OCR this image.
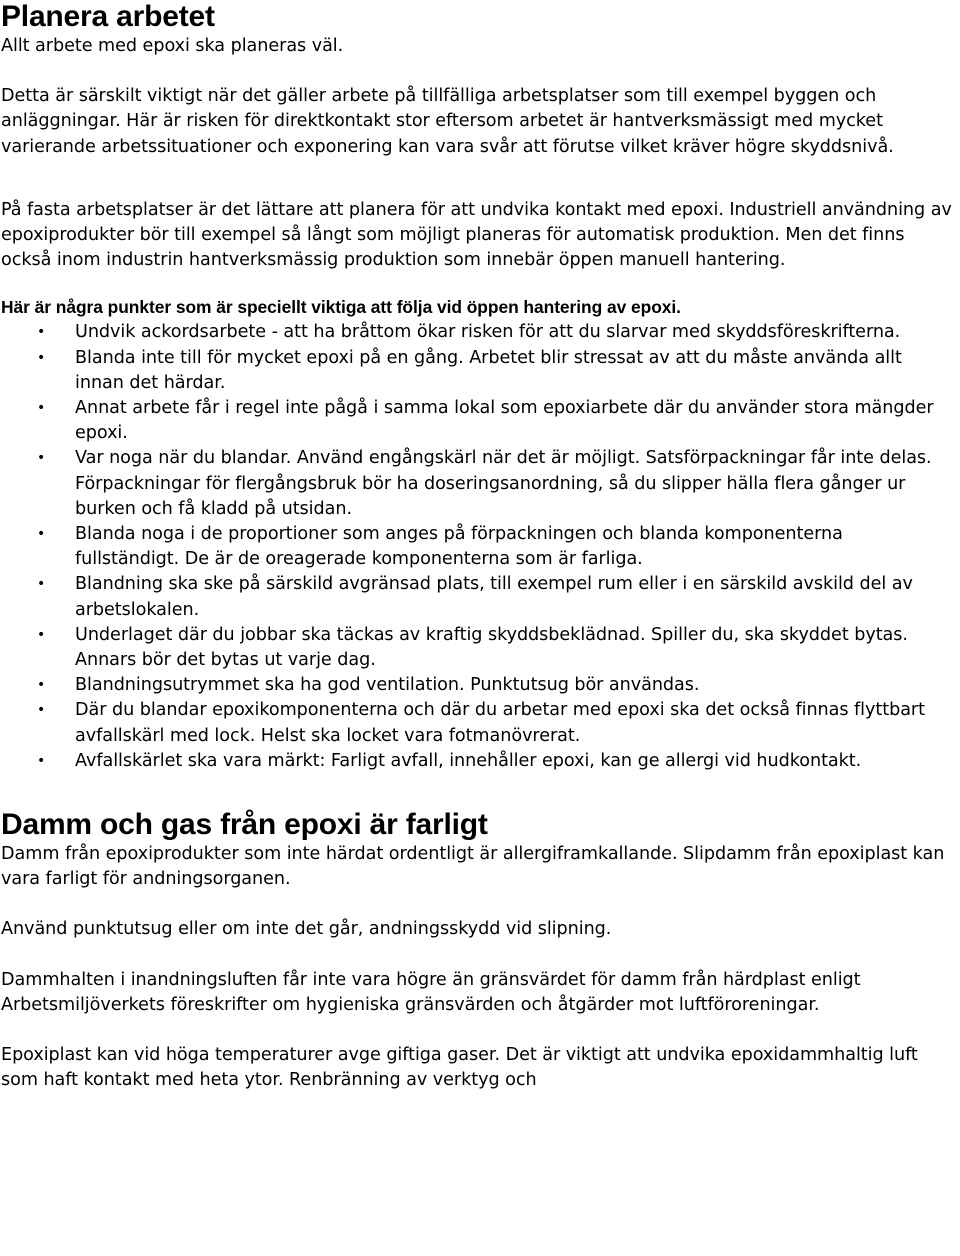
Planera arbetet

Allt arbete med epoxi ska planeras väl.

Detta är särskilt viktigt när det gäller arbete på tillfälliga arbetsplatser som till exempel byggen och anläggningar. Här är risken för direktkontakt stor eftersom arbetet är hantverksmässigt med mycket varierande arbetssituationer och exponering kan vara svår att förutse vilket kräver högre skyddsnivå.

På fasta arbetsplatser är det lättare att planera för att undvika kontakt med epoxi. Industriell användning av epoxiprodukter bör till exempel så långt som möjligt planeras för automatisk produktion. Men det finns också inom industrin hantverksmässig produktion som innebär öppen manuell hantering.

Här är några punkter som är speciellt viktiga att följa vid öppen hantering av epoxi.

• Undvik ackordsarbete - att ha bråttom ökar risken för att du slarvar med skyddsföreskrifterna.
• Blanda inte till för mycket epoxi på en gång. Arbetet blir stressat av att du måste använda allt innan det härdar.
• Annat arbete får i regel inte pågå i samma lokal som epoxiarbete där du använder stora mängder epoxi.
• Var noga när du blandar. Använd engångskärl när det är möjligt. Satsförpackningar får inte delas. Förpackningar för flergångsbruk bör ha doseringsanordning, så du slipper hälla flera gånger ur burken och få kladd på utsidan.
• Blanda noga i de proportioner som anges på förpackningen och blanda komponenterna fullständigt. De är de oreagerade komponenterna som är farliga.
• Blandning ska ske på särskild avgränsad plats, till exempel rum eller i en särskild avskild del av arbetslokalen.
• Underlaget där du jobbar ska täckas av kraftig skyddsbeklädnad. Spiller du, ska skyddet bytas. Annars bör det bytas ut varje dag.
• Blandningsutrymmet ska ha god ventilation. Punktutsug bör användas.
• Där du blandar epoxikomponenterna och där du arbetar med epoxi ska det också finnas flyttbart avfallskärl med lock. Helst ska locket vara fotmanövrerat.
• Avfallskärlet ska vara märkt: Farligt avfall, innehåller epoxi, kan ge allergi vid hudkontakt.
Damm och gas från epoxi är farligt

Damm från epoxiprodukter som inte härdat ordentligt är allergiframkallande. Slipdamm från epoxiplast kan vara farligt för andningsorganen.

Använd punktutsug eller om inte det går, andningsskydd vid slipning.

Dammhalten i inandningsluften får inte vara högre än gränsvärdet för damm från härdplast enligt Arbetsmiljöverkets föreskrifter om hygieniska gränsvärden och åtgärder mot luftföroreningar.

Epoxiplast kan vid höga temperaturer avge giftiga gaser. Det är viktigt att undvika epoxidammhaltig luft som haft kontakt med heta ytor. Renbränning av verktyg och
